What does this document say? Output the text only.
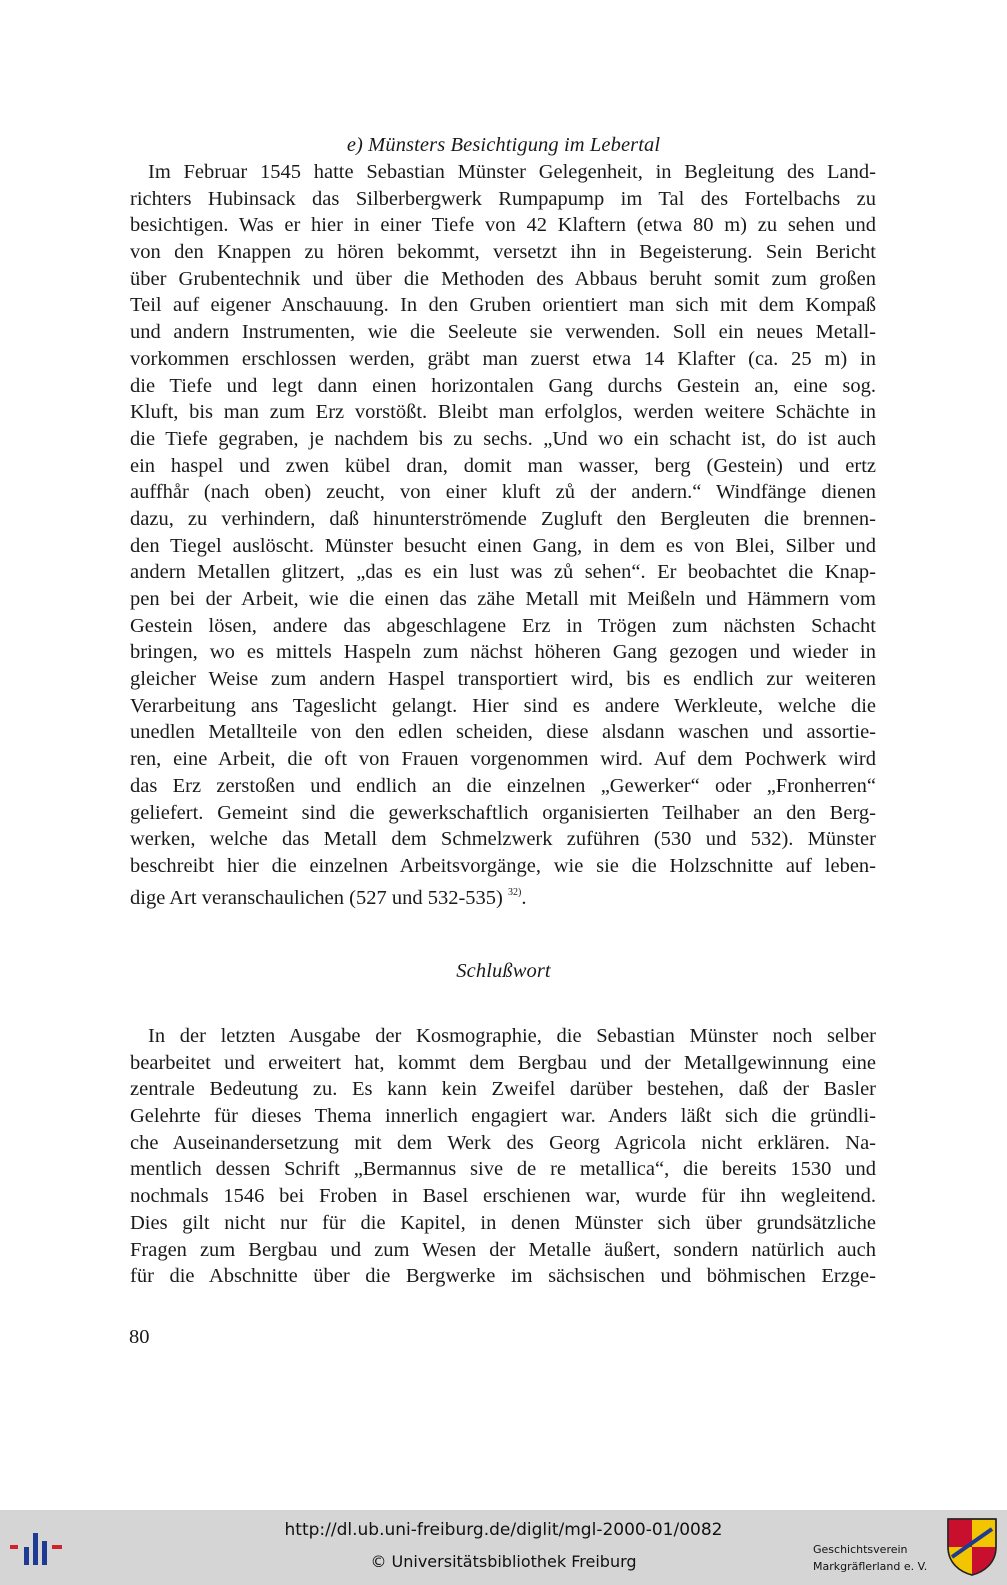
e) Münsters Besichtigung im Lebertal
Im Februar 1545 hatte Sebastian Münster Gelegenheit, in Begleitung des Land-
richters Hubinsack das Silberbergwerk Rumpapump im Tal des Fortelbachs zu
besichtigen. Was er hier in einer Tiefe von 42 Klaftern (etwa 80 m) zu sehen und
von den Knappen zu hören bekommt, versetzt ihn in Begeisterung. Sein Bericht
über Grubentechnik und über die Methoden des Abbaus beruht somit zum großen
Teil auf eigener Anschauung. In den Gruben orientiert man sich mit dem Kompaß
und andern Instrumenten, wie die Seeleute sie verwenden. Soll ein neues Metall-
vorkommen erschlossen werden, gräbt man zuerst etwa 14 Klafter (ca. 25 m) in
die Tiefe und legt dann einen horizontalen Gang durchs Gestein an, eine sog.
Kluft, bis man zum Erz vorstößt. Bleibt man erfolglos, werden weitere Schächte in
die Tiefe gegraben, je nachdem bis zu sechs. „Und wo ein schacht ist, do ist auch
ein haspel und zwen kübel dran, domit man wasser, berg (Gestein) und ertz
auffhår (nach oben) zeucht, von einer kluft zů der andern.“ Windfänge dienen
dazu, zu verhindern, daß hinunterströmende Zugluft den Bergleuten die brennen-
den Tiegel auslöscht. Münster besucht einen Gang, in dem es von Blei, Silber und
andern Metallen glitzert, „das es ein lust was zů sehen“. Er beobachtet die Knap-
pen bei der Arbeit, wie die einen das zähe Metall mit Meißeln und Hämmern vom
Gestein lösen, andere das abgeschlagene Erz in Trögen zum nächsten Schacht
bringen, wo es mittels Haspeln zum nächst höheren Gang gezogen und wieder in
gleicher Weise zum andern Haspel transportiert wird, bis es endlich zur weiteren
Verarbeitung ans Tageslicht gelangt. Hier sind es andere Werkleute, welche die
unedlen Metallteile von den edlen scheiden, diese alsdann waschen und assortie-
ren, eine Arbeit, die oft von Frauen vorgenommen wird. Auf dem Pochwerk wird
das Erz zerstoßen und endlich an die einzelnen „Gewerker“ oder „Fronherren“
geliefert. Gemeint sind die gewerkschaftlich organisierten Teilhaber an den Berg-
werken, welche das Metall dem Schmelzwerk zuführen (530 und 532). Münster
beschreibt hier die einzelnen Arbeitsvorgänge, wie sie die Holzschnitte auf leben-
dige Art veranschaulichen (527 und 532-535) $^{32)}$.
Schlußwort
In der letzten Ausgabe der Kosmographie, die Sebastian Münster noch selber
bearbeitet und erweitert hat, kommt dem Bergbau und der Metallgewinnung eine
zentrale Bedeutung zu. Es kann kein Zweifel darüber bestehen, daß der Basler
Gelehrte für dieses Thema innerlich engagiert war. Anders läßt sich die gründli-
che Auseinandersetzung mit dem Werk des Georg Agricola nicht erklären. Na-
mentlich dessen Schrift „Bermannus sive de re metallica“, die bereits 1530 und
nochmals 1546 bei Froben in Basel erschienen war, wurde für ihn wegleitend.
Dies gilt nicht nur für die Kapitel, in denen Münster sich über grundsätzliche
Fragen zum Bergbau und zum Wesen der Metalle äußert, sondern natürlich auch
für die Abschnitte über die Bergwerke im sächsischen und böhmischen Erzge-
80
http://dl.ub.uni-freiburg.de/diglit/mgl-2000-01/0082
© Universitätsbibliothek Freiburg
Geschichtsverein
Markgräflerland e. V.
